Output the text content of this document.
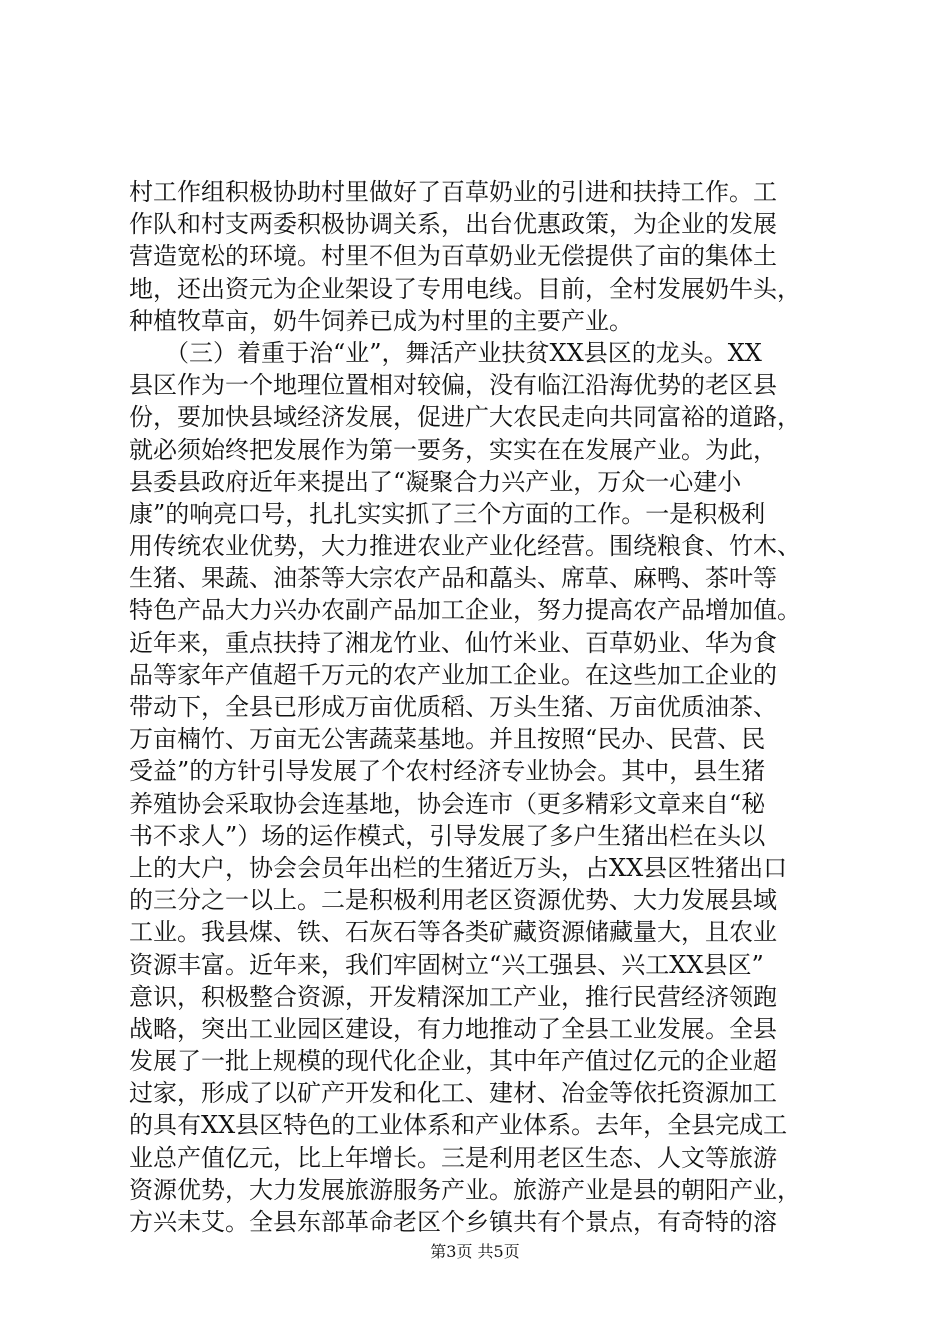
村工作组积极协助村里做好了百草奶业的引进和扶持工作。工
作队和村支两委积极协调关系，出台优惠政策，为企业的发展
营造宽松的环境。村里不但为百草奶业无偿提供了亩的集体土
地，还出资元为企业架设了专用电线。目前，全村发展奶牛头，
种植牧草亩，奶牛饲养已成为村里的主要产业。
　　（三）着重于治“业”，舞活产业扶贫XX县区的龙头。XX
县区作为一个地理位置相对较偏，没有临江沿海优势的老区县
份，要加快县域经济发展，促进广大农民走向共同富裕的道路，
就必须始终把发展作为第一要务，实实在在发展产业。为此，
县委县政府近年来提出了“凝聚合力兴产业，万众一心建小
康”的响亮口号，扎扎实实抓了三个方面的工作。一是积极利
用传统农业优势，大力推进农业产业化经营。围绕粮食、竹木、
生猪、果蔬、油茶等大宗农产品和藠头、席草、麻鸭、茶叶等
特色产品大力兴办农副产品加工企业，努力提高农产品增加值。
近年来，重点扶持了湘龙竹业、仙竹米业、百草奶业、华为食
品等家年产值超千万元的农产业加工企业。在这些加工企业的
带动下，全县已形成万亩优质稻、万头生猪、万亩优质油茶、
万亩楠竹、万亩无公害蔬菜基地。并且按照“民办、民营、民
受益”的方针引导发展了个农村经济专业协会。其中，县生猪
养殖协会采取协会连基地，协会连市（更多精彩文章来自“秘
书不求人”）场的运作模式，引导发展了多户生猪出栏在头以
上的大户，协会会员年出栏的生猪近万头，占XX县区牲猪出口
的三分之一以上。二是积极利用老区资源优势、大力发展县域
工业。我县煤、铁、石灰石等各类矿藏资源储藏量大，且农业
资源丰富。近年来，我们牢固树立“兴工强县、兴工XX县区”
意识，积极整合资源，开发精深加工产业，推行民营经济领跑
战略，突出工业园区建设，有力地推动了全县工业发展。全县
发展了一批上规模的现代化企业，其中年产值过亿元的企业超
过家，形成了以矿产开发和化工、建材、冶金等依托资源加工
的具有XX县区特色的工业体系和产业体系。去年，全县完成工
业总产值亿元，比上年增长。三是利用老区生态、人文等旅游
资源优势，大力发展旅游服务产业。旅游产业是县的朝阳产业，
方兴未艾。全县东部革命老区个乡镇共有个景点，有奇特的溶
第3页 共5页
